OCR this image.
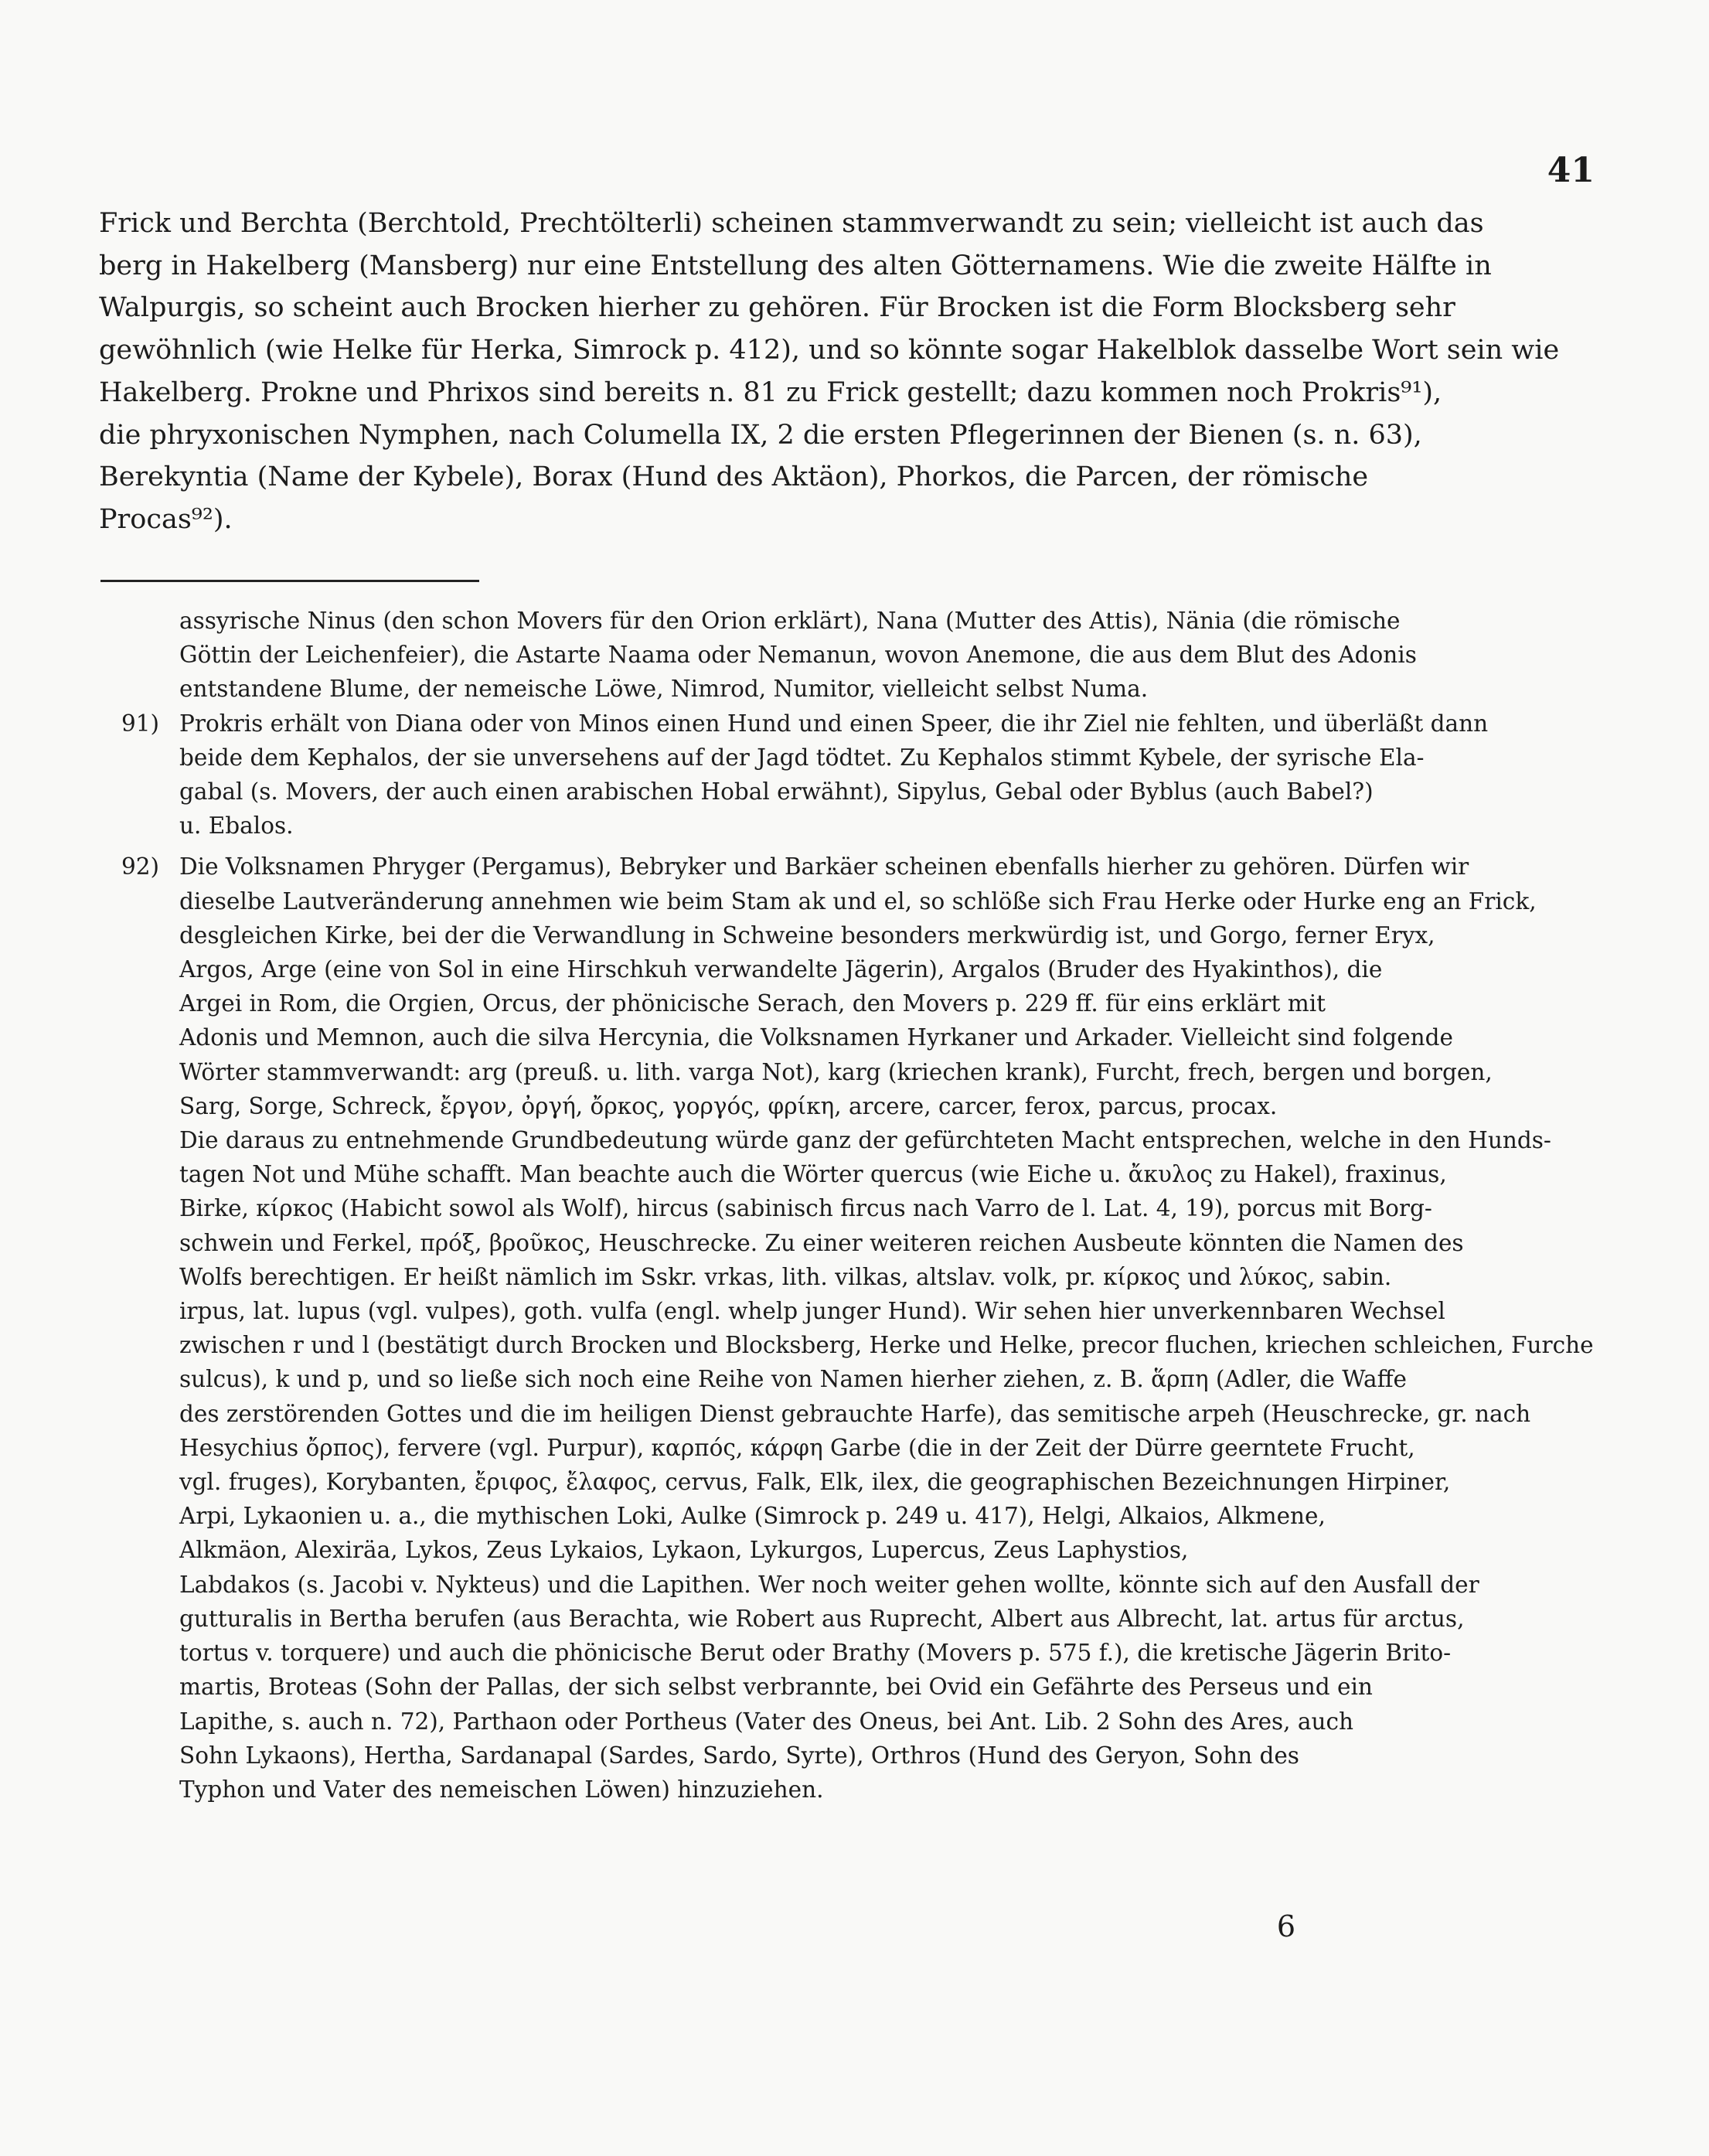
41
Frick und Berchta (Berchtold, Prechtölterli) scheinen stammverwandt zu sein; vielleicht ist auch das
berg in Hakelberg (Mansberg) nur eine Entstellung des alten Götternamens. Wie die zweite Hälfte in
Walpurgis, so scheint auch Brocken hierher zu gehören. Für Brocken ist die Form Blocksberg sehr
gewöhnlich (wie Helke für Herka, Simrock p. 412), und so könnte sogar Hakelblok dasselbe Wort sein wie
Hakelberg. Prokne und Phrixos sind bereits n. 81 zu Frick gestellt; dazu kommen noch Prokris⁹¹),
die phryxonischen Nymphen, nach Columella IX, 2 die ersten Pflegerinnen der Bienen (s. n. 63),
Berekyntia (Name der Kybele), Borax (Hund des Aktäon), Phorkos, die Parcen, der römische
Procas⁹²).
assyrische Ninus (den schon Movers für den Orion erklärt), Nana (Mutter des Attis), Nänia (die römische
Göttin der Leichenfeier), die Astarte Naama oder Nemanun, wovon Anemone, die aus dem Blut des Adonis
entstandene Blume, der nemeische Löwe, Nimrod, Numitor, vielleicht selbst Numa.
91) Prokris erhält von Diana oder von Minos einen Hund und einen Speer, die ihr Ziel nie fehlten, und überläßt dann
beide dem Kephalos, der sie unversehens auf der Jagd tödtet. Zu Kephalos stimmt Kybele, der syrische Ela-
gabal (s. Movers, der auch einen arabischen Hobal erwähnt), Sipylus, Gebal oder Byblus (auch Babel?)
u. Ebalos.
92) Die Volksnamen Phryger (Pergamus), Bebryker und Barkäer scheinen ebenfalls hierher zu gehören. Dürfen wir
dieselbe Lautveränderung annehmen wie beim Stam ak und el, so schlöße sich Frau Herke oder Hurke eng an Frick,
desgleichen Kirke, bei der die Verwandlung in Schweine besonders merkwürdig ist, und Gorgo, ferner Eryx,
Argos, Arge (eine von Sol in eine Hirschkuh verwandelte Jägerin), Argalos (Bruder des Hyakinthos), die
Argei in Rom, die Orgien, Orcus, der phönicische Serach, den Movers p. 229 ff. für eins erklärt mit
Adonis und Memnon, auch die silva Hercynia, die Volksnamen Hyrkaner und Arkader. Vielleicht sind folgende
Wörter stammverwandt: arg (preuß. u. lith. varga Not), karg (kriechen krank), Furcht, frech, bergen und borgen,
Sarg, Sorge, Schreck, ἔργον, ὀργή, ὄρκος, γοργός, φρίκη, arcere, carcer, ferox, parcus, procax.
Die daraus zu entnehmende Grundbedeutung würde ganz der gefürchteten Macht entsprechen, welche in den Hunds-
tagen Not und Mühe schafft. Man beachte auch die Wörter quercus (wie Eiche u. ἄκυλος zu Hakel), fraxinus,
Birke, κίρκος (Habicht sowol als Wolf), hircus (sabinisch fircus nach Varro de l. Lat. 4, 19), porcus mit Borg-
schwein und Ferkel, πρόξ, βροῦκος, Heuschrecke. Zu einer weiteren reichen Ausbeute könnten die Namen des
Wolfs berechtigen. Er heißt nämlich im Sskr. vrkas, lith. vilkas, altslav. volk, pr. κίρκος und λύκος, sabin.
irpus, lat. lupus (vgl. vulpes), goth. vulfa (engl. whelp junger Hund). Wir sehen hier unverkennbaren Wechsel
zwischen r und l (bestätigt durch Brocken und Blocksberg, Herke und Helke, precor fluchen, kriechen schleichen, Furche
sulcus), k und p, und so ließe sich noch eine Reihe von Namen hierher ziehen, z. B. ἅρπη (Adler, die Waffe
des zerstörenden Gottes und die im heiligen Dienst gebrauchte Harfe), das semitische arpeh (Heuschrecke, gr. nach
Hesychius ὄρπος), fervere (vgl. Purpur), καρπός, κάρφη Garbe (die in der Zeit der Dürre geerntete Frucht,
vgl. fruges), Korybanten, ἔριφος, ἔλαφος, cervus, Falk, Elk, ilex, die geographischen Bezeichnungen Hirpiner,
Arpi, Lykaonien u. a., die mythischen Loki, Aulke (Simrock p. 249 u. 417), Helgi, Alkaios, Alkmene,
Alkmäon, Alexiräa, Lykos, Zeus Lykaios, Lykaon, Lykurgos, Lupercus, Zeus Laphystios,
Labdakos (s. Jacobi v. Nykteus) und die Lapithen. Wer noch weiter gehen wollte, könnte sich auf den Ausfall der
gutturalis in Bertha berufen (aus Berachta, wie Robert aus Ruprecht, Albert aus Albrecht, lat. artus für arctus,
tortus v. torquere) und auch die phönicische Berut oder Brathy (Movers p. 575 f.), die kretische Jägerin Brito-
martis, Broteas (Sohn der Pallas, der sich selbst verbrannte, bei Ovid ein Gefährte des Perseus und ein
Lapithe, s. auch n. 72), Parthaon oder Portheus (Vater des Oneus, bei Ant. Lib. 2 Sohn des Ares, auch
Sohn Lykaons), Hertha, Sardanapal (Sardes, Sardo, Syrte), Orthros (Hund des Geryon, Sohn des
Typhon und Vater des nemeischen Löwen) hinzuziehen.
6
